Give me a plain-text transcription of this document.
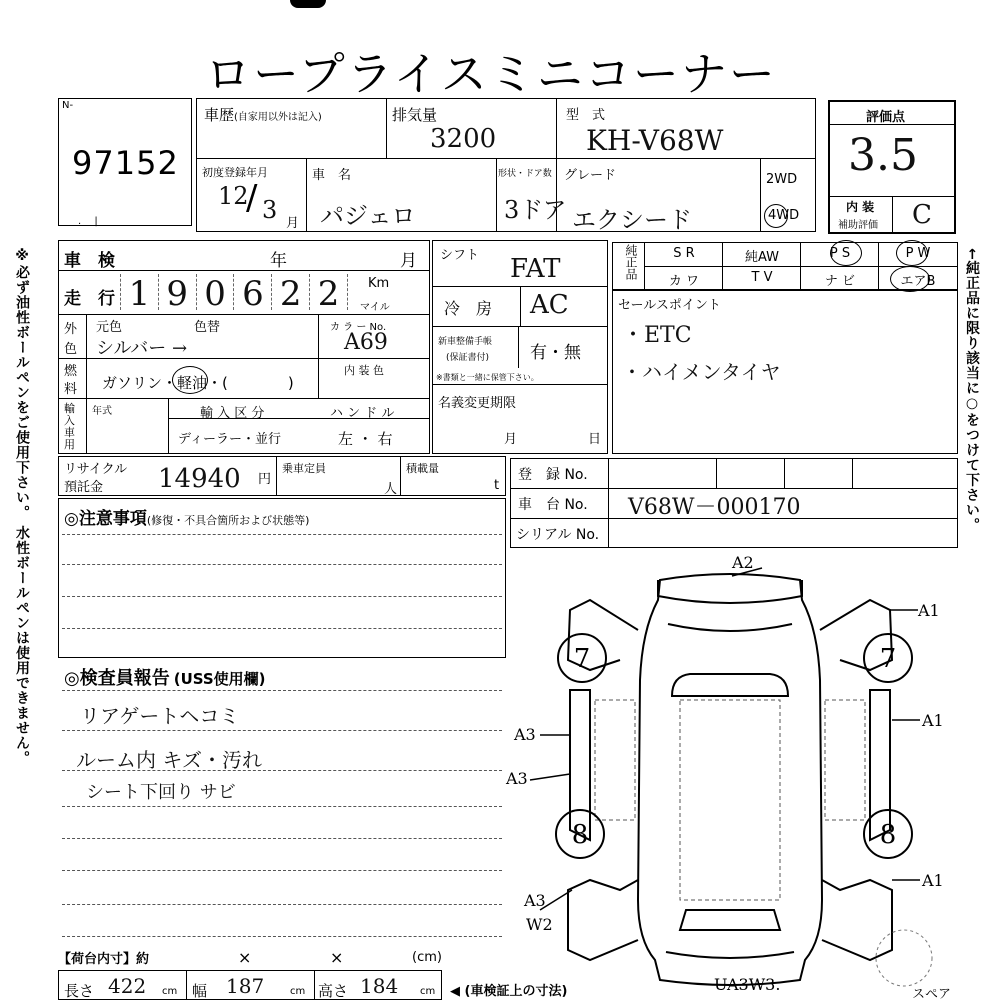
ロープライスミニコーナー
※必ず油性ボールペンをご使用下さい。 水性ボールペンは使用できません。	←純正品に限り該当に○をつけて下さい。
N-
97152
.　 |
車歴(自家用以外は記入)	排気量
3200
型　式
KH-V68W
初度登録年月
12
/ 3 月
車　名
パジェロ
形状・ドア数
3ドア
グレード
エクシード
2WD
4WD
評価点
3.5
内 装
補助評価 C
車　検	年	月
走　行 1 9 0 6 2 2	Km
マイル
外
色
元色	色替
シルバー →
カ ラ ー No.
A69
燃
料 ガソリン・軽油・(　　　　)
内 装 色
輸
入
車
用
年式	輸 入 区 分
ディーラー・並行
ハ ン ド ル
左 ・ 右
シフト FAT
冷　房 AC
新車整備手帳
(保証書付) 有・無
※書類と一緒に保管下さい。
名義変更期限
月	日
純正品	S R	純AW	P S	P W
カ ワ	T V	ナ ビ	エアB
セールスポイント
・ETC
・ハイメンタイヤ
リサイクル
預託金 14940 円
乗車定員
人
積載量
t
登　録 No.
車　台 No. V68W－000170
シリアル No.
◎注意事項(修復・不具合箇所および状態等)
◎検査員報告 (USS使用欄)
リアゲートヘコミ
ルーム内 キズ・汚れ
シート下回り サビ
【荷台内寸】約	×	×	(cm)
長さ 422 cm 幅 187	cm 高さ 184 cm ◀ (車検証上の寸法)
7	7
8	8
A2
A1
A1
A1
A3
A3
A3
W2
UA3W3.
スペア
